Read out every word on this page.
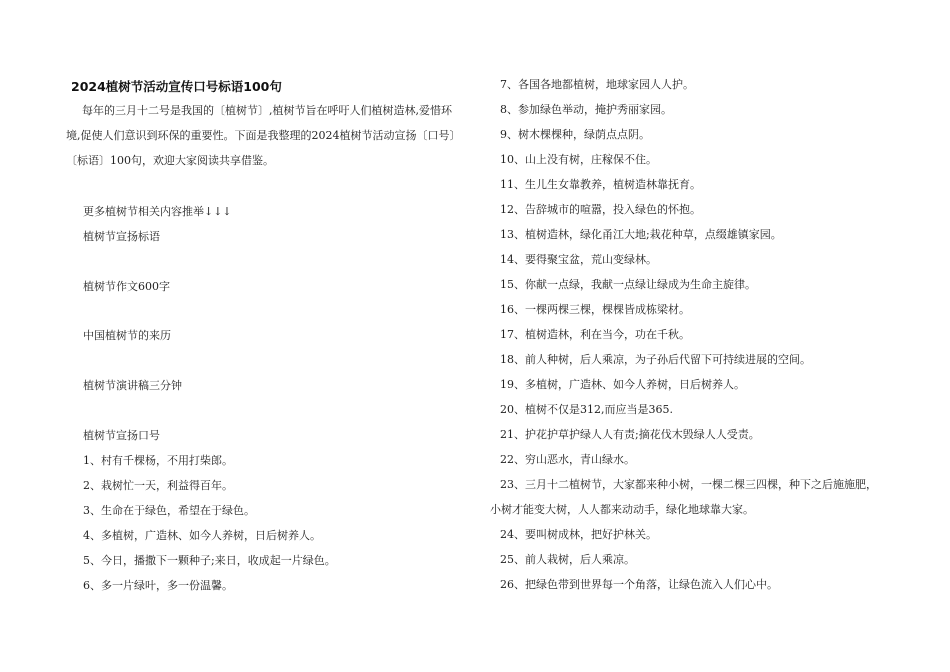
2024植树节活动宣传口号标语100句
每年的三月十二号是我国的〔植树节〕,植树节旨在呼吁人们植树造林,爱惜环境,促使人们意识到环保的重要性。下面是我整理的2024植树节活动宣扬〔口号〕〔标语〕100句，欢迎大家阅读共享借鉴。
更多植树节相关内容推举↓↓↓
植树节宣扬标语
植树节作文600字
中国植树节的来历
植树节演讲稿三分钟
植树节宣扬口号
1、村有千棵杨，不用打柴郎。
2、栽树忙一天，利益得百年。
3、生命在于绿色，希望在于绿色。
4、多植树，广造林、如今人养树，日后树养人。
5、今日，播撒下一颗种子;来日，收成起一片绿色。
6、多一片绿叶，多一份温馨。
7、各国各地都植树，地球家园人人护。
8、参加绿色举动，掩护秀丽家园。
9、树木棵棵种，绿荫点点阴。
10、山上没有树，庄稼保不住。
11、生儿生女靠教养，植树造林靠抚育。
12、告辞城市的喧嚣，投入绿色的怀抱。
13、植树造林，绿化甬江大地;栽花种草，点缀雄镇家园。
14、要得聚宝盆，荒山变绿林。
15、你献一点绿，我献一点绿让绿成为生命主旋律。
16、一棵两棵三棵，棵棵皆成栋梁材。
17、植树造林，利在当今，功在千秋。
18、前人种树，后人乘凉，为子孙后代留下可持续进展的空间。
19、多植树，广造林、如今人养树，日后树养人。
20、植树不仅是312,而应当是365.
21、护花护草护绿人人有责;摘花伐木毁绿人人受责。
22、穷山恶水，青山绿水。
23、三月十二植树节，大家都来种小树，一棵二棵三四棵，种下之后施施肥，
小树才能变大树，人人都来动动手，绿化地球靠大家。
24、要叫树成林，把好护林关。
25、前人栽树，后人乘凉。
26、把绿色带到世界每一个角落，让绿色流入人们心中。
